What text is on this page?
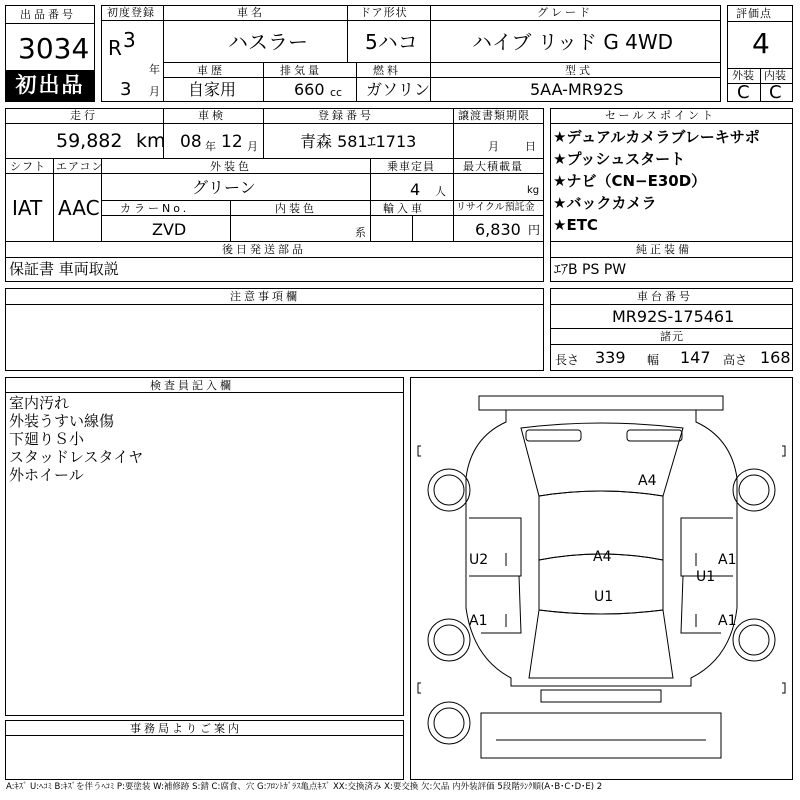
出品番号
3034
初出品
初度登録
R 3
年
3 月
車名
ハスラー
ドア形状
5ハコ
グレード
ハイブ リッド G 4WD
車歴
自家用
排気量
660 cc
燃料
ガソリン
型式
5AA-MR92S
評価点
4
外装 内装
C C
走行
59,882 km
車検
08 年 12 月
登録番号
青森 581ｴ1713
譲渡書類期限
月 日
シフト
IAT
エアコン
AAC
外装色
グリーン
乗車定員
4 人
最大積載量
kg
カラーNo.
ZVD
内装色
系
輸入車	リサイクル預託金
6,830 円
後日発送部品
保証書 車両取説
セールスポイント
★デュアルカメラブレーキサポ
★プッシュスタート
★ナビ（CN−E30D）
★バックカメラ
★ETC
純正装備
ｴｱB PS PW
注意事項欄	車台番号
MR92S-175461
諸元
長さ 339 幅 147 高さ 168
検査員記入欄
室内汚れ
外装うすい線傷
下廻りＳ小
スタッドレスタイヤ
外ホイール
事務局よりご案内
A4
U2	A1
U1
A4
U1
A1	A1
A:ｷｽﾞ U:ﾍｺﾐ B:ｷｽﾞを伴うﾍｺﾐ P:要塗装 W:補修跡 S:錆 C:腐食、穴 G:ﾌﾛﾝﾄｶﾞﾗｽ亀点ｷｽﾞ XX:交換済み X:要交換 欠:欠品 内外装評価 5段階ﾗﾝｸ順(A･B･C･D･E) 2
